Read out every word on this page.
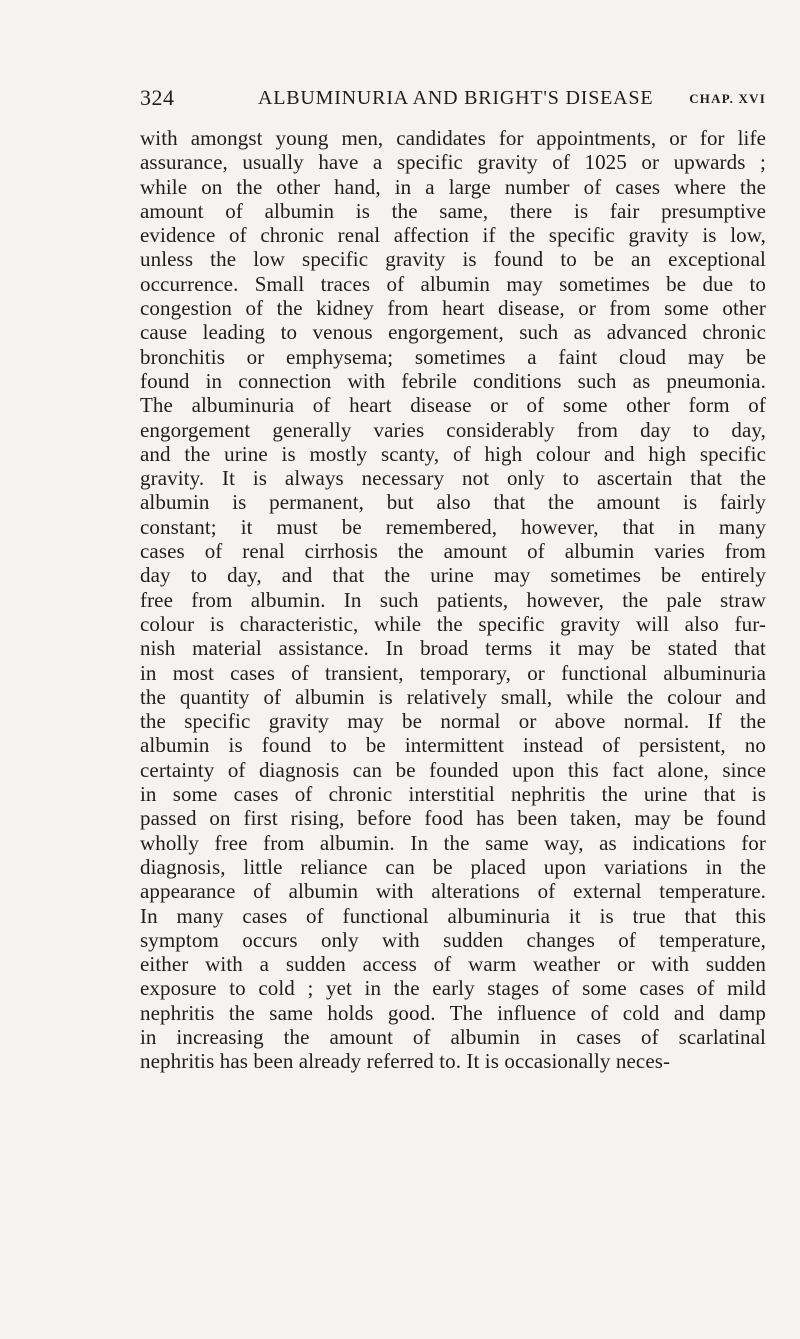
324	ALBUMINURIA AND BRIGHT'S DISEASE	CHAP. XVI
with amongst young men, candidates for appointments, or for life
assurance, usually have a specific gravity of 1025 or upwards ;
while on the other hand, in a large number of cases where the
amount of albumin is the same, there is fair presumptive
evidence of chronic renal affection if the specific gravity is low,
unless the low specific gravity is found to be an exceptional
occurrence. Small traces of albumin may sometimes be due to
congestion of the kidney from heart disease, or from some other
cause leading to venous engorgement, such as advanced chronic
bronchitis or emphysema; sometimes a faint cloud may be
found in connection with febrile conditions such as pneumonia.
The albuminuria of heart disease or of some other form of
engorgement generally varies considerably from day to day,
and the urine is mostly scanty, of high colour and high specific
gravity. It is always necessary not only to ascertain that the
albumin is permanent, but also that the amount is fairly
constant; it must be remembered, however, that in many
cases of renal cirrhosis the amount of albumin varies from
day to day, and that the urine may sometimes be entirely
free from albumin. In such patients, however, the pale straw
colour is characteristic, while the specific gravity will also fur-
nish material assistance. In broad terms it may be stated that
in most cases of transient, temporary, or functional albuminuria
the quantity of albumin is relatively small, while the colour and
the specific gravity may be normal or above normal. If the
albumin is found to be intermittent instead of persistent, no
certainty of diagnosis can be founded upon this fact alone, since
in some cases of chronic interstitial nephritis the urine that is
passed on first rising, before food has been taken, may be found
wholly free from albumin. In the same way, as indications for
diagnosis, little reliance can be placed upon variations in the
appearance of albumin with alterations of external temperature.
In many cases of functional albuminuria it is true that this
symptom occurs only with sudden changes of temperature,
either with a sudden access of warm weather or with sudden
exposure to cold ; yet in the early stages of some cases of mild
nephritis the same holds good. The influence of cold and damp
in increasing the amount of albumin in cases of scarlatinal
nephritis has been already referred to. It is occasionally neces-
